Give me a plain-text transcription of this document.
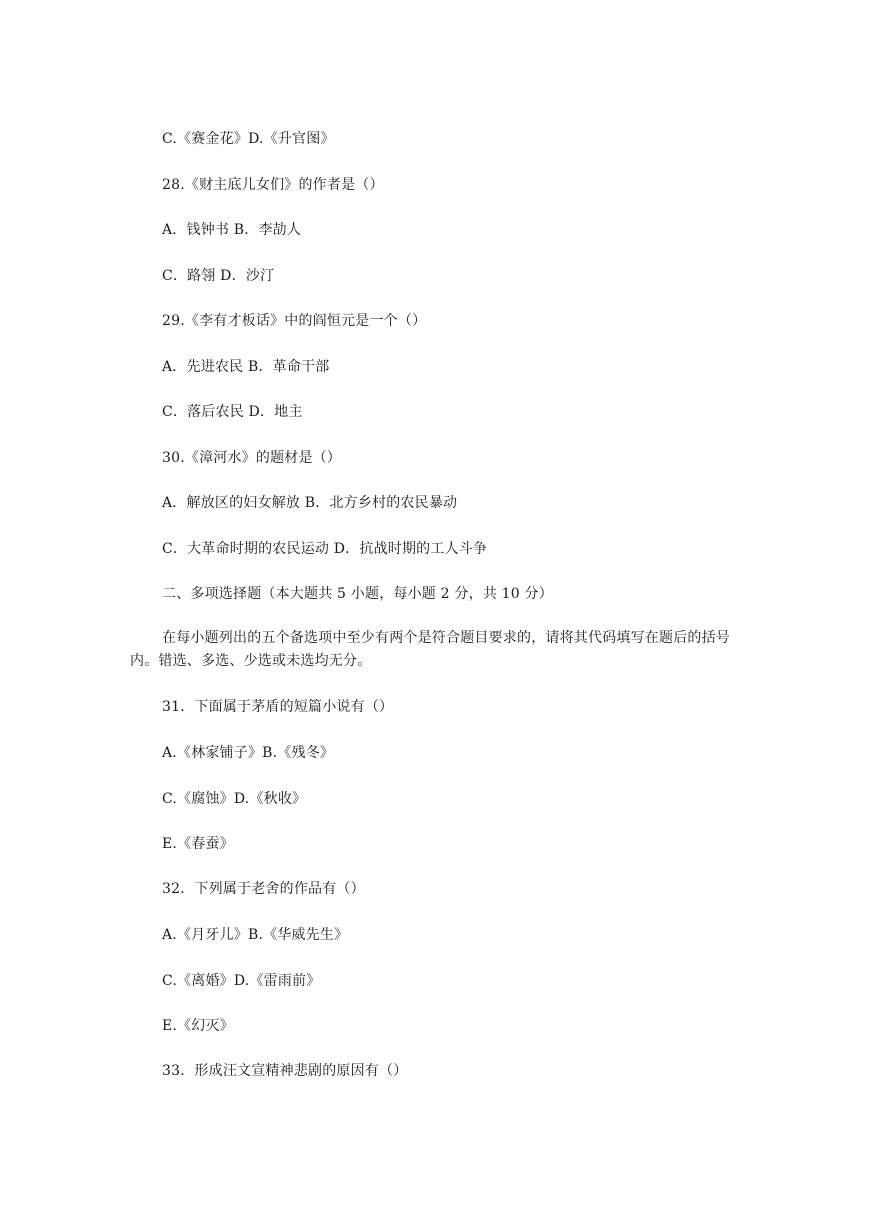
C.《赛金花》D.《升官图》
28.《财主底儿女们》的作者是（）
A．钱钟书 B．李劼人
C．路翎 D．沙汀
29.《李有才板话》中的阎恒元是一个（）
A．先进农民 B．革命干部
C．落后农民 D．地主
30.《漳河水》的题材是（）
A．解放区的妇女解放 B．北方乡村的农民暴动
C．大革命时期的农民运动 D．抗战时期的工人斗争
二、多项选择题（本大题共 5 小题，每小题 2 分，共 10 分）
在每小题列出的五个备选项中至少有两个是符合题目要求的，请将其代码填写在题后的括号内。错选、多选、少选或未选均无分。
31．下面属于茅盾的短篇小说有（）
A.《林家铺子》B.《残冬》
C.《腐蚀》D.《秋收》
E.《春蚕》
32．下列属于老舍的作品有（）
A.《月牙儿》B.《华威先生》
C.《离婚》D.《雷雨前》
E.《幻灭》
33．形成汪文宣精神悲剧的原因有（）
